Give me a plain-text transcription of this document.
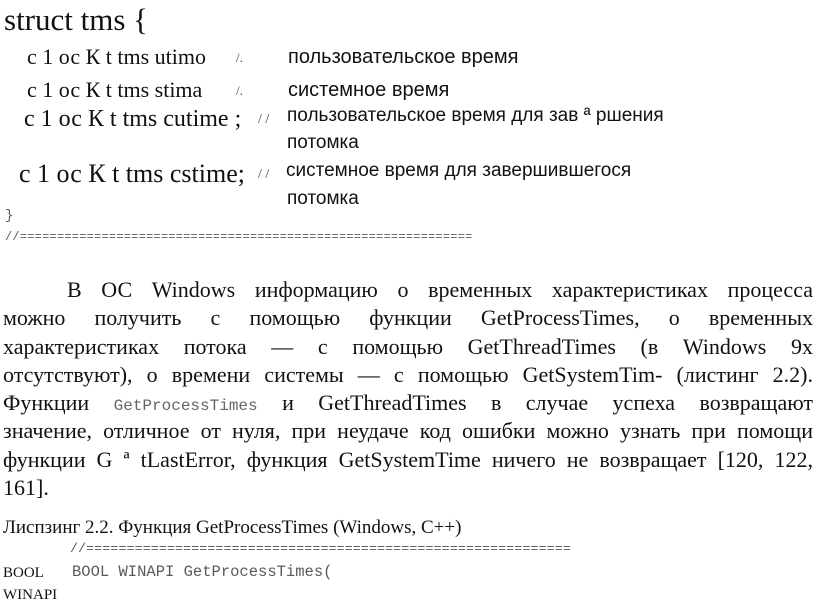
struct tms {
с 1 ос К t tms utimo /. пользовательское время
с 1 ос К t tms stima	/. системное время
с 1 ос К t tms cutime ; / / пользовательское время для зав ª ршения
потомка
с 1 ос К t tms cstime; / / системное время для завершившегося
потомка
}
//=============================================================
В ОС Windows информацию о временных характеристиках процесса
можно получить с помощью функции GetProcessTimes, о временных
характеристиках потока — с помощью GetThreadTimes (в Windows 9x
отсутствуют), о времени системы — с помощью GetSystemTim- (листинг 2.2).
Функции GetProcessTimes и GetThreadTimes в случае успеха возвращают
значение, отличное от нуля, при неудаче код ошибки можно узнать при помощи
функции G ª tLastError, функция GetSystemTime ничего не возвращает [120, 122,
161].
Лиспзинг 2.2. Функция GetProcessTimes (Windows, C++)
//============================================================
BOOL
WINAPI
BOOL WINAPI GetProcessTimes(
